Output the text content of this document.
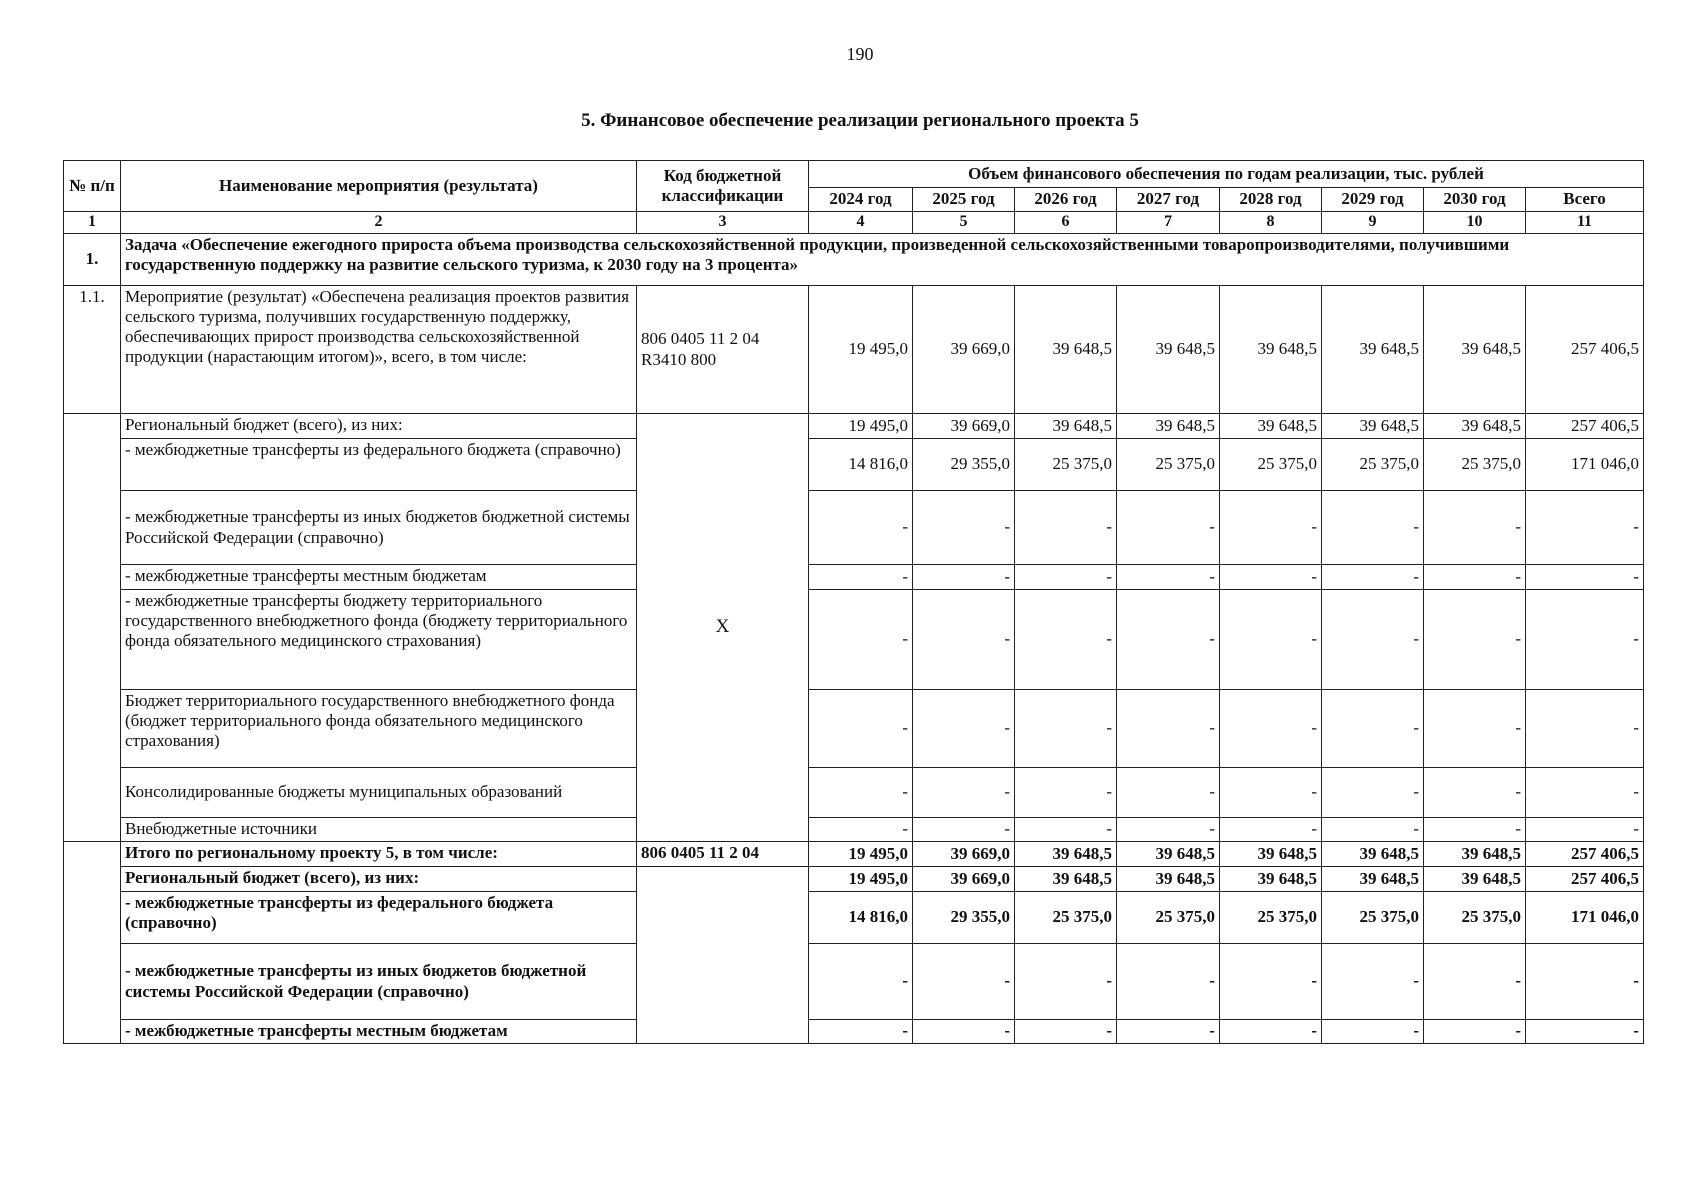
190
5. Финансовое обеспечение реализации регионального проекта 5
№ п/п	Наименование мероприятия (результата)	Код бюджетной классификации	Объем финансового обеспечения по годам реализации, тыс. рублей							
			2024 год	2025 год	2026 год	2027 год	2028 год	2029 год	2030 год	Всего
1	2	3	4	5	6	7	8	9	10	11
1.	Задача «Обеспечение ежегодного прироста объема производства сельскохозяйственной продукции, произведенной сельскохозяйственными товаропроизводителями, получившими государственную поддержку на развитие сельского туризма, к 2030 году на 3 процента»									
1.1.	Мероприятие (результат) «Обеспечена реализация проектов развития сельского туризма, получивших государственную поддержку, обеспечивающих прирост производства сельскохозяйственной продукции (нарастающим итогом)», всего, в том числе:	806 0405 11 2 04 R3410 800	19 495,0	39 669,0	39 648,5	39 648,5	39 648,5	39 648,5	39 648,5	257 406,5
	Региональный бюджет (всего), из них:	X	19 495,0	39 669,0	39 648,5	39 648,5	39 648,5	39 648,5	39 648,5	257 406,5
	- межбюджетные трансферты из федерального бюджета (справочно)		14 816,0	29 355,0	25 375,0	25 375,0	25 375,0	25 375,0	25 375,0	171 046,0
	- межбюджетные трансферты из иных бюджетов бюджетной системы Российской Федерации (справочно)		-	-	-	-	-	-	-	-
	- межбюджетные трансферты местным бюджетам		-	-	-	-	-	-	-	-
	- межбюджетные трансферты бюджету территориального государственного внебюджетного фонда (бюджету территориального фонда обязательного медицинского страхования)		-	-	-	-	-	-	-	-
	Бюджет территориального государственного внебюджетного фонда (бюджет территориального фонда обязательного медицинского страхования)		-	-	-	-	-	-	-	-
	Консолидированные бюджеты муниципальных образований		-	-	-	-	-	-	-	-
	Внебюджетные источники		-	-	-	-	-	-	-	-
	Итого по региональному проекту 5, в том числе:	806 0405 11 2 04	19 495,0	39 669,0	39 648,5	39 648,5	39 648,5	39 648,5	39 648,5	257 406,5
	Региональный бюджет (всего), из них:		19 495,0	39 669,0	39 648,5	39 648,5	39 648,5	39 648,5	39 648,5	257 406,5
	- межбюджетные трансферты из федерального бюджета (справочно)		14 816,0	29 355,0	25 375,0	25 375,0	25 375,0	25 375,0	25 375,0	171 046,0
	- межбюджетные трансферты из иных бюджетов бюджетной системы Российской Федерации (справочно)		-	-	-	-	-	-	-	-
	- межбюджетные трансферты местным бюджетам		-	-	-	-	-	-	-	-
